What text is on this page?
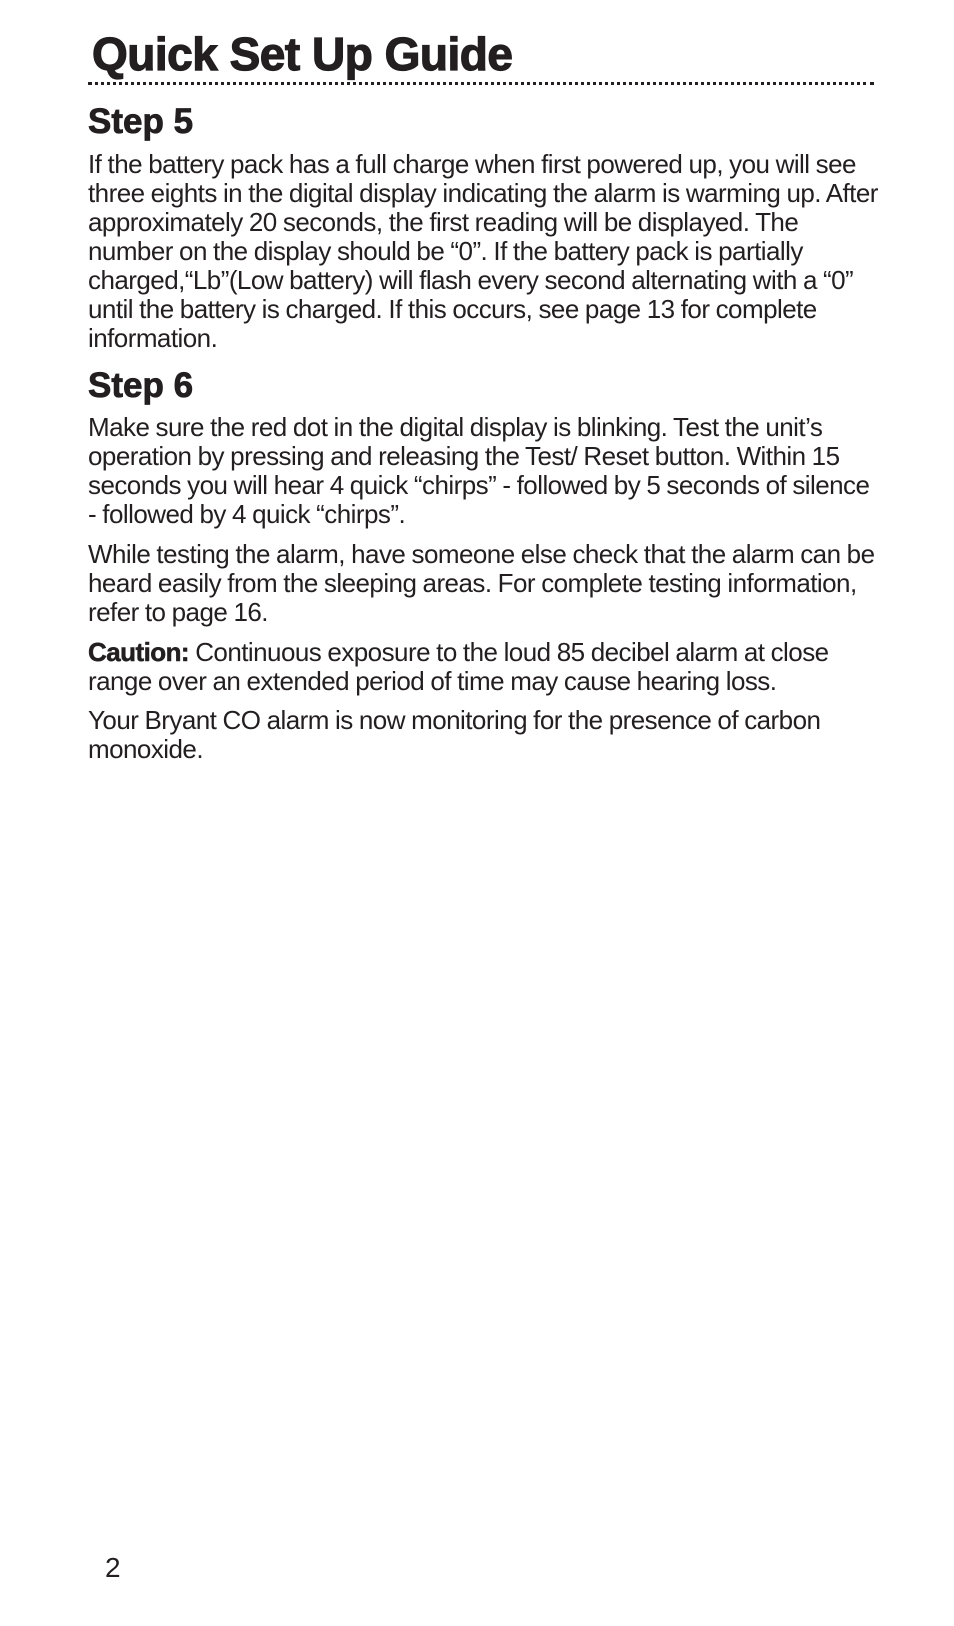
Quick Set Up Guide
Step 5

If the battery pack has a full charge when first powered up, you will see three eights in the digital display indicating the alarm is warming up. After approximately 20 seconds, the first reading will be displayed. The number on the display should be “0”. If the battery pack is partially charged,“Lb”(Low battery) will flash every second alternating with a “0” until the battery is charged. If this occurs, see page 13 for complete information.

Step 6

Make sure the red dot in the digital display is blinking. Test the unit’s operation by pressing and releasing the Test/ Reset button. Within 15 seconds you will hear 4 quick “chirps” - followed by 5 seconds of silence - followed by 4 quick “chirps”.

While testing the alarm, have someone else check that the alarm can be heard easily from the sleeping areas. For complete testing information, refer to page 16.

Caution: Continuous exposure to the loud 85 decibel alarm at close range over an extended period of time may cause hearing loss.

Your Bryant CO alarm is now monitoring for the presence of carbon monoxide.

2
